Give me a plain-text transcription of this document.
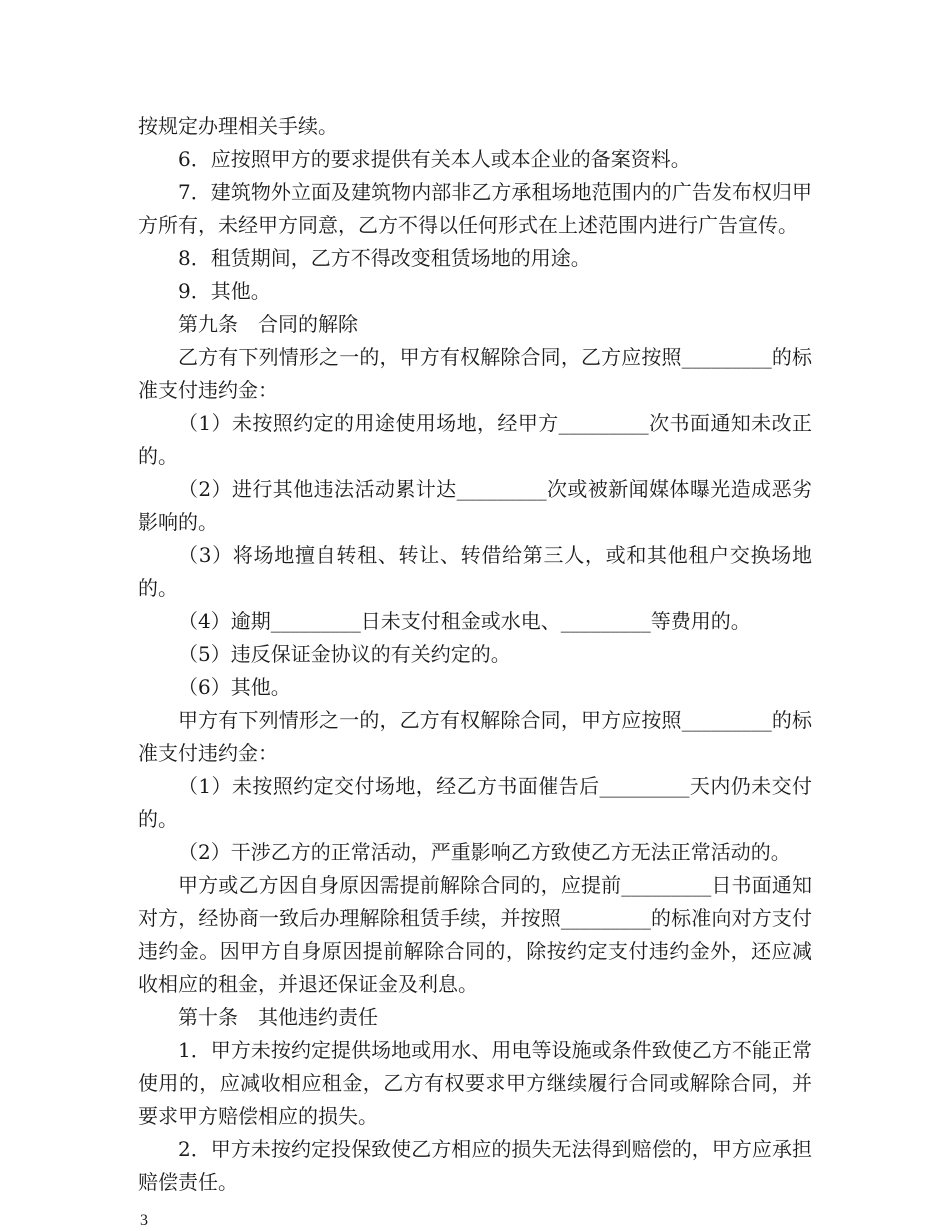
按规定办理相关手续。

6．应按照甲方的要求提供有关本人或本企业的备案资料。

7．建筑物外立面及建筑物内部非乙方承租场地范围内的广告发布权归甲方所有，未经甲方同意，乙方不得以任何形式在上述范围内进行广告宣传。

8．租赁期间，乙方不得改变租赁场地的用途。

9．其他。

第九条　合同的解除

乙方有下列情形之一的，甲方有权解除合同，乙方应按照_________的标准支付违约金：

（1）未按照约定的用途使用场地，经甲方_________次书面通知未改正的。

（2）进行其他违法活动累计达_________次或被新闻媒体曝光造成恶劣影响的。

（3）将场地擅自转租、转让、转借给第三人，或和其他租户交换场地的。

（4）逾期_________日未支付租金或水电、_________等费用的。

（5）违反保证金协议的有关约定的。

（6）其他。

甲方有下列情形之一的，乙方有权解除合同，甲方应按照_________的标准支付违约金：

（1）未按照约定交付场地，经乙方书面催告后_________天内仍未交付的。

（2）干涉乙方的正常活动，严重影响乙方致使乙方无法正常活动的。

甲方或乙方因自身原因需提前解除合同的，应提前_________日书面通知对方，经协商一致后办理解除租赁手续，并按照_________的标准向对方支付违约金。因甲方自身原因提前解除合同的，除按约定支付违约金外，还应减收相应的租金，并退还保证金及利息。

第十条　其他违约责任

1．甲方未按约定提供场地或用水、用电等设施或条件致使乙方不能正常使用的，应减收相应租金，乙方有权要求甲方继续履行合同或解除合同，并要求甲方赔偿相应的损失。

2．甲方未按约定投保致使乙方相应的损失无法得到赔偿的，甲方应承担赔偿责任。

3
